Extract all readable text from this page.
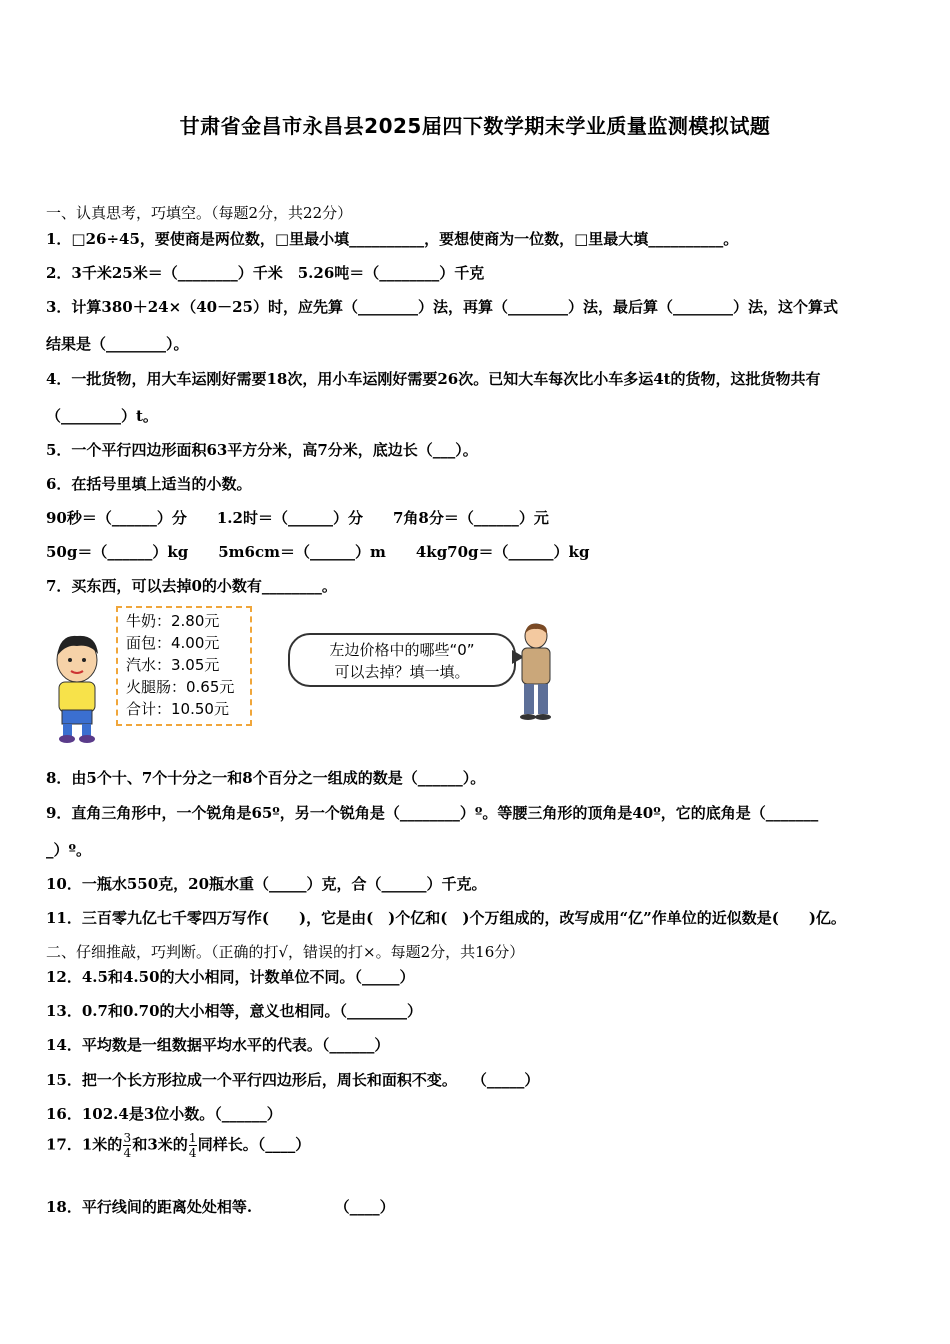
甘肃省金昌市永昌县2025届四下数学期末学业质量监测模拟试题
一、认真思考，巧填空。（每题2分，共22分）
1．□26÷45，要使商是两位数，□里最小填__________，要想使商为一位数，□里最大填__________。
2．3千米25米＝（________）千米　5.26吨＝（________）千克
3．计算380＋24×（40－25）时，应先算（________）法，再算（________）法，最后算（________）法，这个算式
结果是（________）。
4．一批货物，用大车运刚好需要18次，用小车运刚好需要26次。已知大车每次比小车多运4t的货物，这批货物共有
（________）t。
5．一个平行四边形面积63平方分米，高7分米，底边长（___）。
6．在括号里填上适当的小数。
90秒＝（______）分　　1.2时＝（______）分　　7角8分＝（______）元
50g＝（______）kg　　5m6cm＝（______）m　　4kg70g＝（______）kg
7．买东西，可以去掉0的小数有________。
牛奶：2.80元
面包：4.00元
汽水：3.05元
火腿肠：0.65元
合计：10.50元
左边价格中的哪些“0”
可以去掉？填一填。
8．由5个十、7个十分之一和8个百分之一组成的数是（______）。
9．直角三角形中，一个锐角是65º，另一个锐角是（________）º。等腰三角形的顶角是40º，它的底角是（_______
_）º。
10．一瓶水550克，20瓶水重（_____）克，合（______）千克。
11．三百零九亿七千零四万写作(　　)，它是由(　)个亿和(　)个万组成的，改写成用“亿”作单位的近似数是(　　)亿。
二、仔细推敲，巧判断。（正确的打√，错误的打×。每题2分，共16分）
12．4.5和4.50的大小相同，计数单位不同。（_____）
13．0.7和0.70的大小相等，意义也相同。（________）
14．平均数是一组数据平均水平的代表。（______）
15．把一个长方形拉成一个平行四边形后，周长和面积不变。　　（_____）
16．102.4是3位小数。（______）
17．1米的 $\frac{3}{4}$ 和3米的 $\frac{1}{4}$ 同样长。（____）
18．平行线间的距离处处相等.　　　　　　（____）
